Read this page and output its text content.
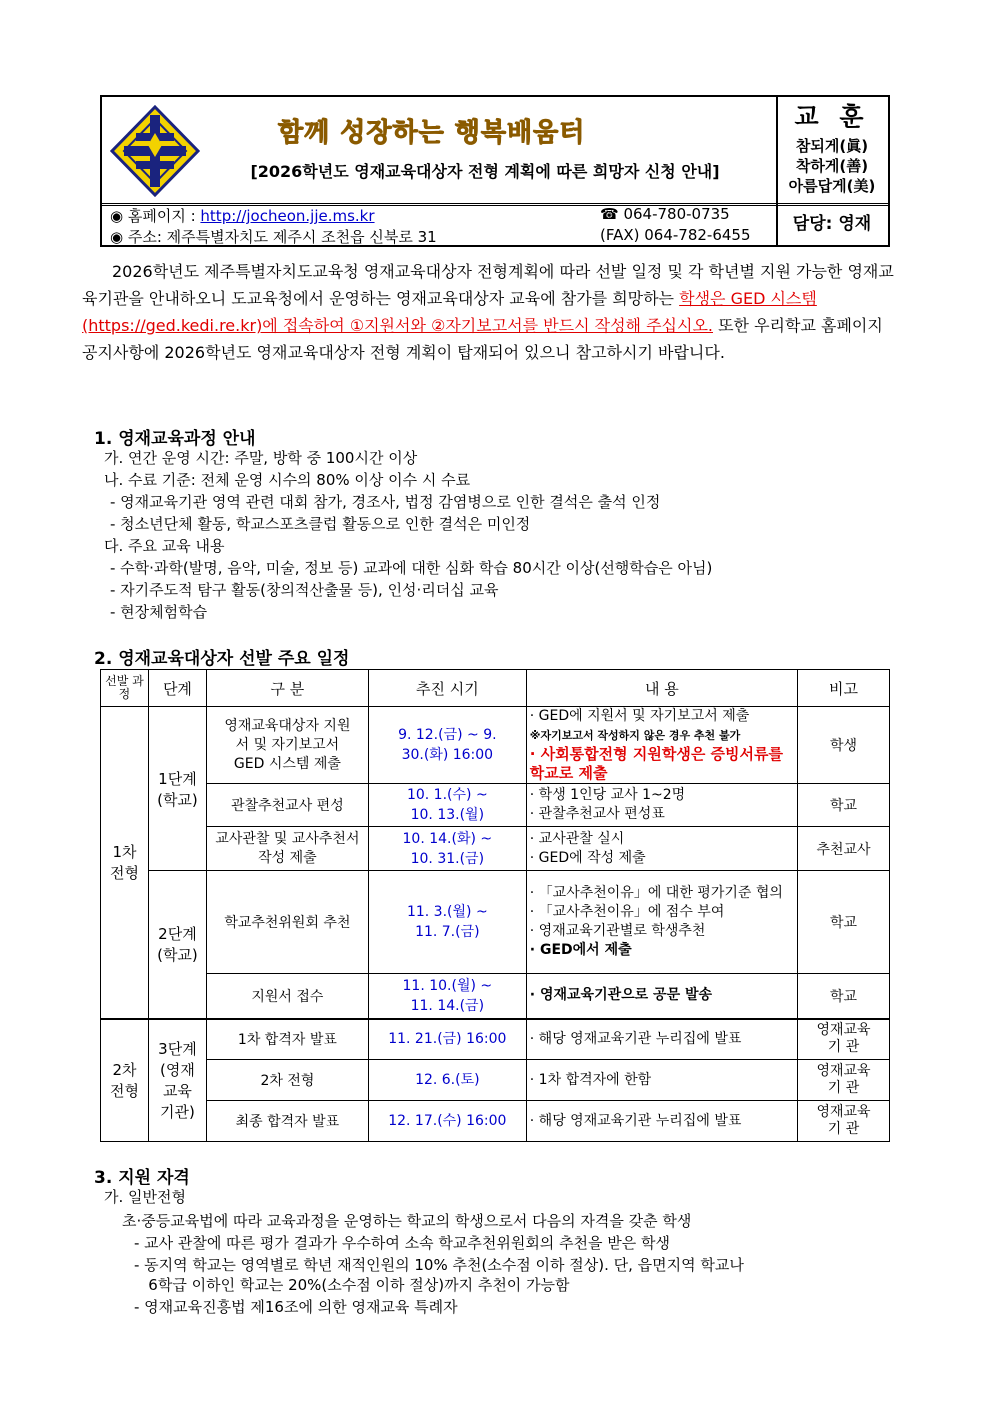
함께 성장하는 행복배움터
[2026학년도 영재교육대상자 전형 계획에 따른 희망자 신청 안내]
교 훈
참되게(眞)
착하게(善)
아름답게(美)
◉ 홈페이지 : http://jocheon.jje.ms.kr
◉ 주소: 제주특별자치도 제주시 조천읍 신북로 31
☎ 064-780-0735
(FAX) 064-782-6455
담당: 영재
2026학년도 제주특별자치도교육청 영재교육대상자 전형계획에 따라 선발 일정 및 각 학년별 지원 가능한 영재교육기관을 안내하오니 도교육청에서 운영하는 영재교육대상자 교육에 참가를 희망하는 학생은 GED 시스템(https://ged.kedi.re.kr)에 접속하여 ①지원서와 ②자기보고서를 반드시 작성해 주십시오. 또한 우리학교 홈페이지 공지사항에 2026학년도 영재교육대상자 전형 계획이 탑재되어 있으니 참고하시기 바랍니다.
1. 영재교육과정 안내
가. 연간 운영 시간: 주말, 방학 중 100시간 이상
나. 수료 기준: 전체 운영 시수의 80% 이상 이수 시 수료
- 영재교육기관 영역 관련 대회 참가, 경조사, 법정 감염병으로 인한 결석은 출석 인정
- 청소년단체 활동, 학교스포츠클럽 활동으로 인한 결석은 미인정
다. 주요 교육 내용
- 수학·과학(발명, 음악, 미술, 정보 등) 교과에 대한 심화 학습 80시간 이상(선행학습은 아님)
- 자기주도적 탐구 활동(창의적산출물 등), 인성·리더십 교육
- 현장체험학습
2. 영재교육대상자 선발 주요 일정
선발 과정	단계	구 분	추진 시기	내 용	비고

1차 전형	1단계 (학교)	영재교육대상자 지원서 및 자기보고서 GED 시스템 제출	9. 12.(금) ~ 9. 30.(화) 16:00	· GED에 지원서 및 자기보고서 제출
※자기보고서 작성하지 않은 경우 추천 불가
· 사회통합전형 지원학생은 증빙서류를 학교로 제출	학생
		관찰추천교사 편성	10. 1.(수) ~ 10. 13.(월)	· 학생 1인당 교사 1~2명
· 관찰추천교사 편성표	학교

		교사관찰 및 교사추천서 작성 제출	10. 14.(화) ~ 10. 31.(금)	· 교사관찰 실시
· GED에 작성 제출	추천교사

	2단계 (학교)	학교추천위원회 추천	11. 3.(월) ~ 11. 7.(금)	· 「교사추천이유」에 대한 평가기준 협의
· 「교사추천이유」에 점수 부여
· 영재교육기관별로 학생추천
· GED에서 제출	학교
		지원서 접수	11. 10.(월) ~ 11. 14.(금)	· 영재교육기관으로 공문 발송	학교

2차 전형	3단계 (영재 교육 기관)	1차 합격자 발표	11. 21.(금) 16:00	· 해당 영재교육기관 누리집에 발표	영재교육 기 관

		2차 전형	12. 6.(토)	· 1차 합격자에 한함	영재교육 기 관

		최종 합격자 발표	12. 17.(수) 16:00	· 해당 영재교육기관 누리집에 발표	영재교육 기 관
3. 지원 자격
가. 일반전형
초·중등교육법에 따라 교육과정을 운영하는 학교의 학생으로서 다음의 자격을 갖춘 학생
- 교사 관찰에 따른 평가 결과가 우수하여 소속 학교추천위원회의 추천을 받은 학생
- 동지역 학교는 영역별로 학년 재적인원의 10% 추천(소수점 이하 절상). 단, 읍면지역 학교나
6학급 이하인 학교는 20%(소수점 이하 절상)까지 추천이 가능함
- 영재교육진흥법 제16조에 의한 영재교육 특례자
